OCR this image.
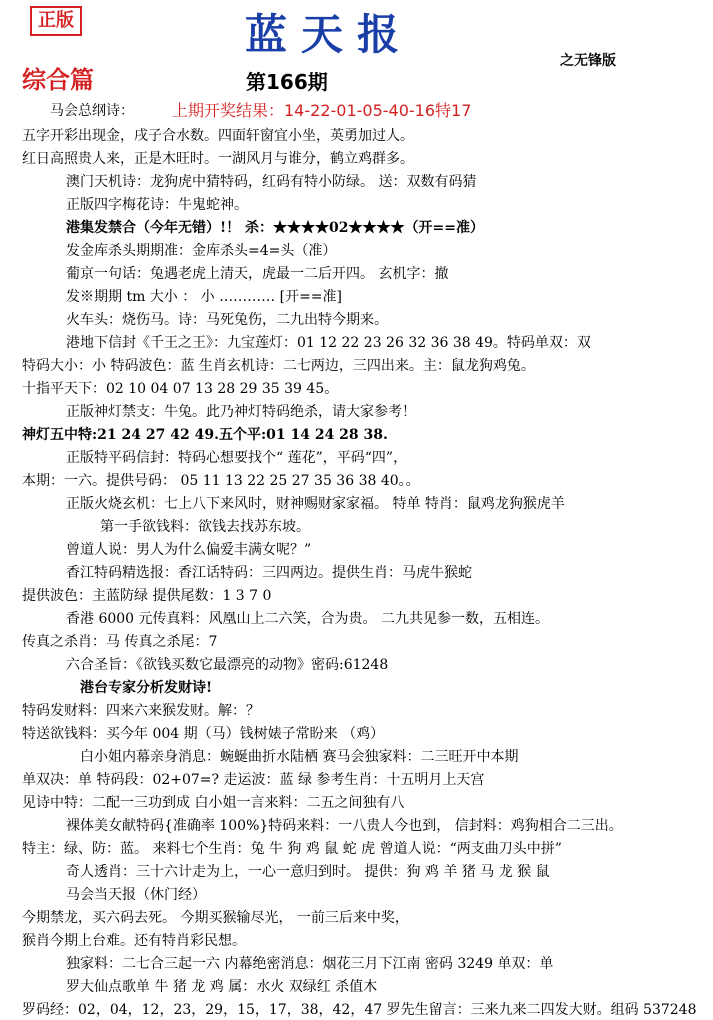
正版	蓝天报
之无锋版
综合篇	第166期
马会总纲诗： 上期开奖结果：14-22-01-05-40-16特17
五字开彩出现金，戌子合水数。四面轩窗宜小坐，英勇加过人。
红日高照贵人来，正是木旺时。一湖风月与谁分，鹤立鸡群多。
澳门天机诗：龙狗虎中猜特码，红码有特小防绿。 送：双数有码猜
正版四字梅花诗：牛鬼蛇神。
港集发禁合（今年无错）!！ 杀：★★★★02★★★★（开==准）
发金库杀头期期准：金库杀头=4=头（准）
葡京一句话：兔遇老虎上清天，虎最一二后开四。 玄机字：撤
发※期期 tm 大小 ： 小 ………… [开==准]
火车头：烧伤马。诗：马死兔伤，二九出特今期来。
港地下信封《千王之王》：九宝莲灯：01 12 22 23 26 32 36 38 49。特码单双：双
特码大小：小 特码波色：蓝 生肖玄机诗：二七两边，三四出来。主：鼠龙狗鸡兔。
十指平天下：02 10 04 07 13 28 29 35 39 45。
正版神灯禁支：牛兔。此乃神灯特码绝杀，请大家参考！
神灯五中特:21 24 27 42 49.五个平:01 14 24 28 38.
正版特平码信封：特码心想要找个“ 莲花”，平码“四”，
本期：一六。提供号码： 05 11 13 22 25 27 35 36 38 40。。
正版火烧玄机：七上八下来风时，财神赐财家家福。 特单 特肖：鼠鸡龙狗猴虎羊
第一手欲钱料：欲钱去找苏东坡。
曾道人说：男人为什么偏爱丰满女呢？”
香江特码精选报：香江话特码：三四两边。提供生肖：马虎牛猴蛇
提供波色：主蓝防绿 提供尾数：1 3 7 0
香港 6000 元传真料：风凰山上二六笑，合为贵。 二九共见参一数，五相连。
传真之杀肖：马 传真之杀尾：7
六合圣旨：《欲钱买数它最漂亮的动物》密码:61248
港台专家分析发财诗!
特码发财料：四来六来猴发财。解：？
特送欲钱料：买今年 004 期（马）钱树婊子常盼来 （鸡）
白小姐内幕亲身消息：蜿蜒曲折水陆栖 赛马会独家料：二三旺开中本期
单双决：单 特码段：02+07=? 走运波：蓝 绿 参考生肖：十五明月上天宫
见诗中特：二配一三功到成 白小姐一言来料：二五之间独有八
裸体美女献特码{准确率 100%}特码来料：一八贵人今也到， 信封料：鸡狗相合二三出。
特主：绿、防：蓝。 来料七个生肖：兔 牛 狗 鸡 鼠 蛇 虎 曾道人说：“两支曲刀头中拼”
奇人透肖：三十六计走为上，一心一意归到时。 提供：狗 鸡 羊 猪 马 龙 猴 鼠
马会当天报（休门经）
今期禁龙，买六码去死。 今期买猴输尽光， 一前三后来中奖，
猴肖今期上台难。还有特肖彩民想。
独家料：二七合三起一六 内幕绝密消息：烟花三月下江南 密码 3249 单双：单
罗大仙点歌单 牛 猪 龙 鸡 属：水火 双绿红 杀值木
罗码经：02，04，12，23，29，15，17，38，42，47 罗先生留言：三来九来二四发大财。组码 537248
